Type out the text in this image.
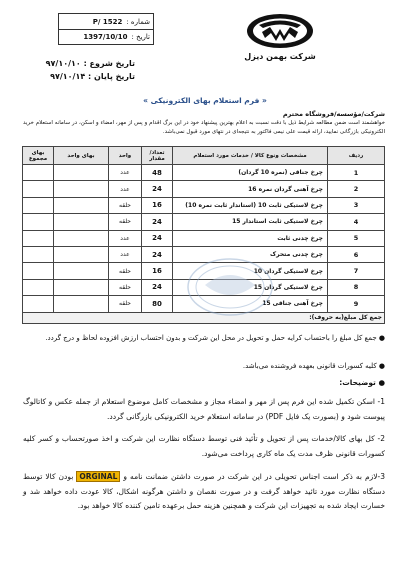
شماره :
P/ 1522
تاریخ :
1397/10/10
تاریخ شروع : ۹۷/۱۰/۱۰
تاریخ پایان : ۹۷/۱۰/۱۴
شرکت بهمن دیزل
« فرم استعلام بهای الکترونیکی »
شرکت/مؤسسه/فروشگاه محترم
خواهشمند است ضمن مطالعه شرایط ذیل با دقت نسبت به اعلام بهترین پیشنهاد خود در این برگ اقدام و پس از مهر، امضاء و اسکن، در سامانه استعلام خرید الکترونیکی بازرگانی نمایید، ارائه قیمت علی‌ نیمی فاکتور به نتیجه‌ای در نتهای مورد قبول نمی‌باشد.
ردیف	مشخصات ونوع کالا / خدمات مورد استعلام	تعداد/مقدار	واحد	بهای واحد	بهای مجموع
1	چرخ جناقی (نمره 10 گردان)	48	عدد		
2	چرخ آهنی گردان نمره 16	24	عدد		
3	چرخ لاستیکی ثابت 10 (استاندار ثابت نمره 10)	16	حلقه		
4	چرخ لاستیکی ثابت استاندار 15	24	حلقه		
5	چرخ چدنی ثابت	24	عدد		
6	چرخ چدنی متحرک	24	عدد		
7	چرخ لاستیکی گردان 10	16	حلقه		
8	چرخ لاستیکی گردان 15	24	حلقه		
9	چرخ آهنی جناقی 15	80	حلقه		
جمع کل مبلغ(به حروف):					
● جمع کل مبلغ را باحتساب کرایه حمل و تحویل در محل این شرکت و بدون احتساب ارزش افزوده لحاظ و درج گردد.
● کلیه کسورات قانونی بعهده فروشنده می‌باشد.
● توضیحات:
1- اسکن تکمیل شده این فرم پس از مهر و امضاء مجاز و مشخصات کامل موضوع استعلام از جمله عکس و کاتالوگ پیوست شود و (بصورت یک فایل PDF) در سامانه استعلام خرید الکترونیکی بازرگانی گردد.
2- کل بهای کالا/خدمات پس از تحویل و تأئید فنی توسط دستگاه نظارت این شرکت و اخذ صورتحساب و کسر کلیه کسورات قانونی ظرف مدت یک ماه کاری پرداخت می‌شود.
3-لازم به ذکر است اجناس تحویلی در این شرکت در صورت داشتن ضمانت نامه و ORGINAL بودن کالا توسط دستگاه نظارت مورد تائید خواهد گرفت و در صورت نقصان و داشتن هرگونه اشکال، کالا عودت داده خواهد شد و خسارت ایجاد شده به تجهیزات این شرکت و همچنین هزینه حمل برعهده تامین کننده کالا خواهد بود.
